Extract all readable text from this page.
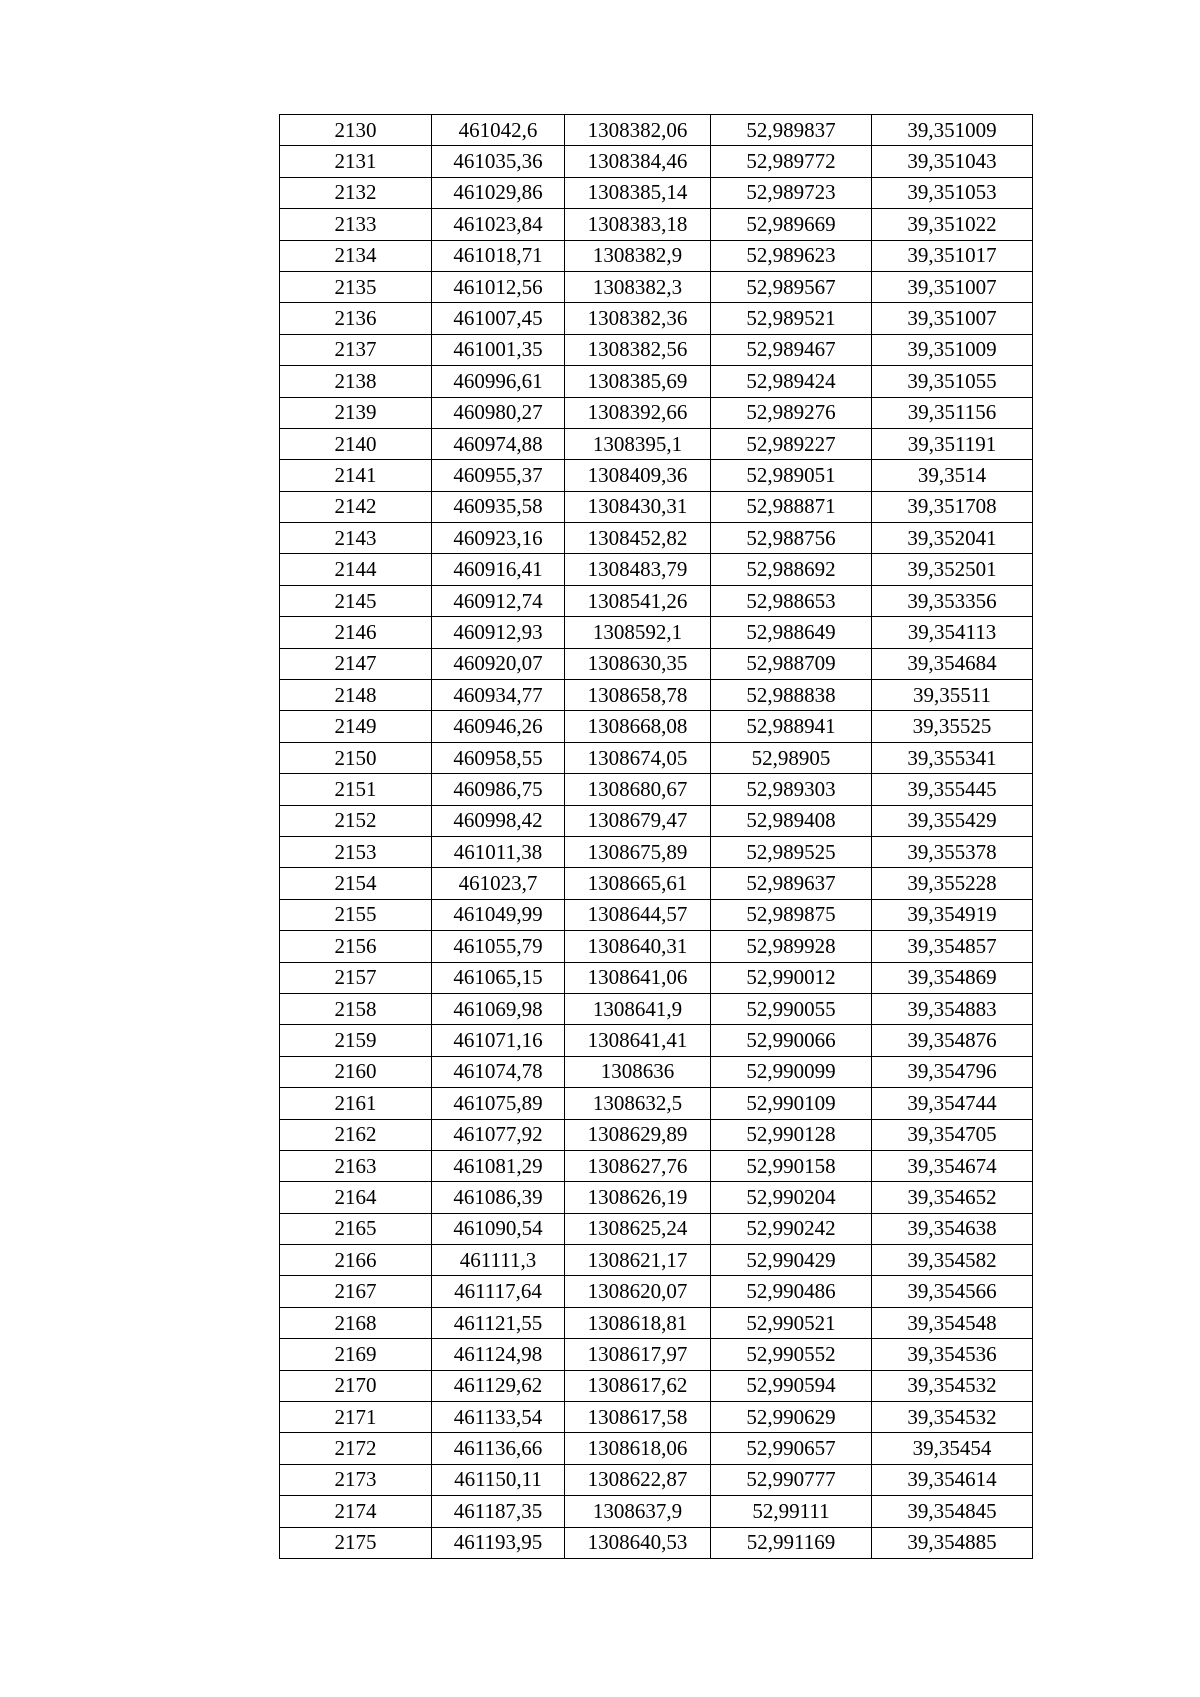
2130	461042,6	1308382,06	52,989837	39,351009
2131	461035,36	1308384,46	52,989772	39,351043
2132	461029,86	1308385,14	52,989723	39,351053
2133	461023,84	1308383,18	52,989669	39,351022
2134	461018,71	1308382,9	52,989623	39,351017
2135	461012,56	1308382,3	52,989567	39,351007
2136	461007,45	1308382,36	52,989521	39,351007
2137	461001,35	1308382,56	52,989467	39,351009
2138	460996,61	1308385,69	52,989424	39,351055
2139	460980,27	1308392,66	52,989276	39,351156
2140	460974,88	1308395,1	52,989227	39,351191
2141	460955,37	1308409,36	52,989051	39,3514
2142	460935,58	1308430,31	52,988871	39,351708
2143	460923,16	1308452,82	52,988756	39,352041
2144	460916,41	1308483,79	52,988692	39,352501
2145	460912,74	1308541,26	52,988653	39,353356
2146	460912,93	1308592,1	52,988649	39,354113
2147	460920,07	1308630,35	52,988709	39,354684
2148	460934,77	1308658,78	52,988838	39,35511
2149	460946,26	1308668,08	52,988941	39,35525
2150	460958,55	1308674,05	52,98905	39,355341
2151	460986,75	1308680,67	52,989303	39,355445
2152	460998,42	1308679,47	52,989408	39,355429
2153	461011,38	1308675,89	52,989525	39,355378
2154	461023,7	1308665,61	52,989637	39,355228
2155	461049,99	1308644,57	52,989875	39,354919
2156	461055,79	1308640,31	52,989928	39,354857
2157	461065,15	1308641,06	52,990012	39,354869
2158	461069,98	1308641,9	52,990055	39,354883
2159	461071,16	1308641,41	52,990066	39,354876
2160	461074,78	1308636	52,990099	39,354796
2161	461075,89	1308632,5	52,990109	39,354744
2162	461077,92	1308629,89	52,990128	39,354705
2163	461081,29	1308627,76	52,990158	39,354674
2164	461086,39	1308626,19	52,990204	39,354652
2165	461090,54	1308625,24	52,990242	39,354638
2166	461111,3	1308621,17	52,990429	39,354582
2167	461117,64	1308620,07	52,990486	39,354566
2168	461121,55	1308618,81	52,990521	39,354548
2169	461124,98	1308617,97	52,990552	39,354536
2170	461129,62	1308617,62	52,990594	39,354532
2171	461133,54	1308617,58	52,990629	39,354532
2172	461136,66	1308618,06	52,990657	39,35454
2173	461150,11	1308622,87	52,990777	39,354614
2174	461187,35	1308637,9	52,99111	39,354845
2175	461193,95	1308640,53	52,991169	39,354885
